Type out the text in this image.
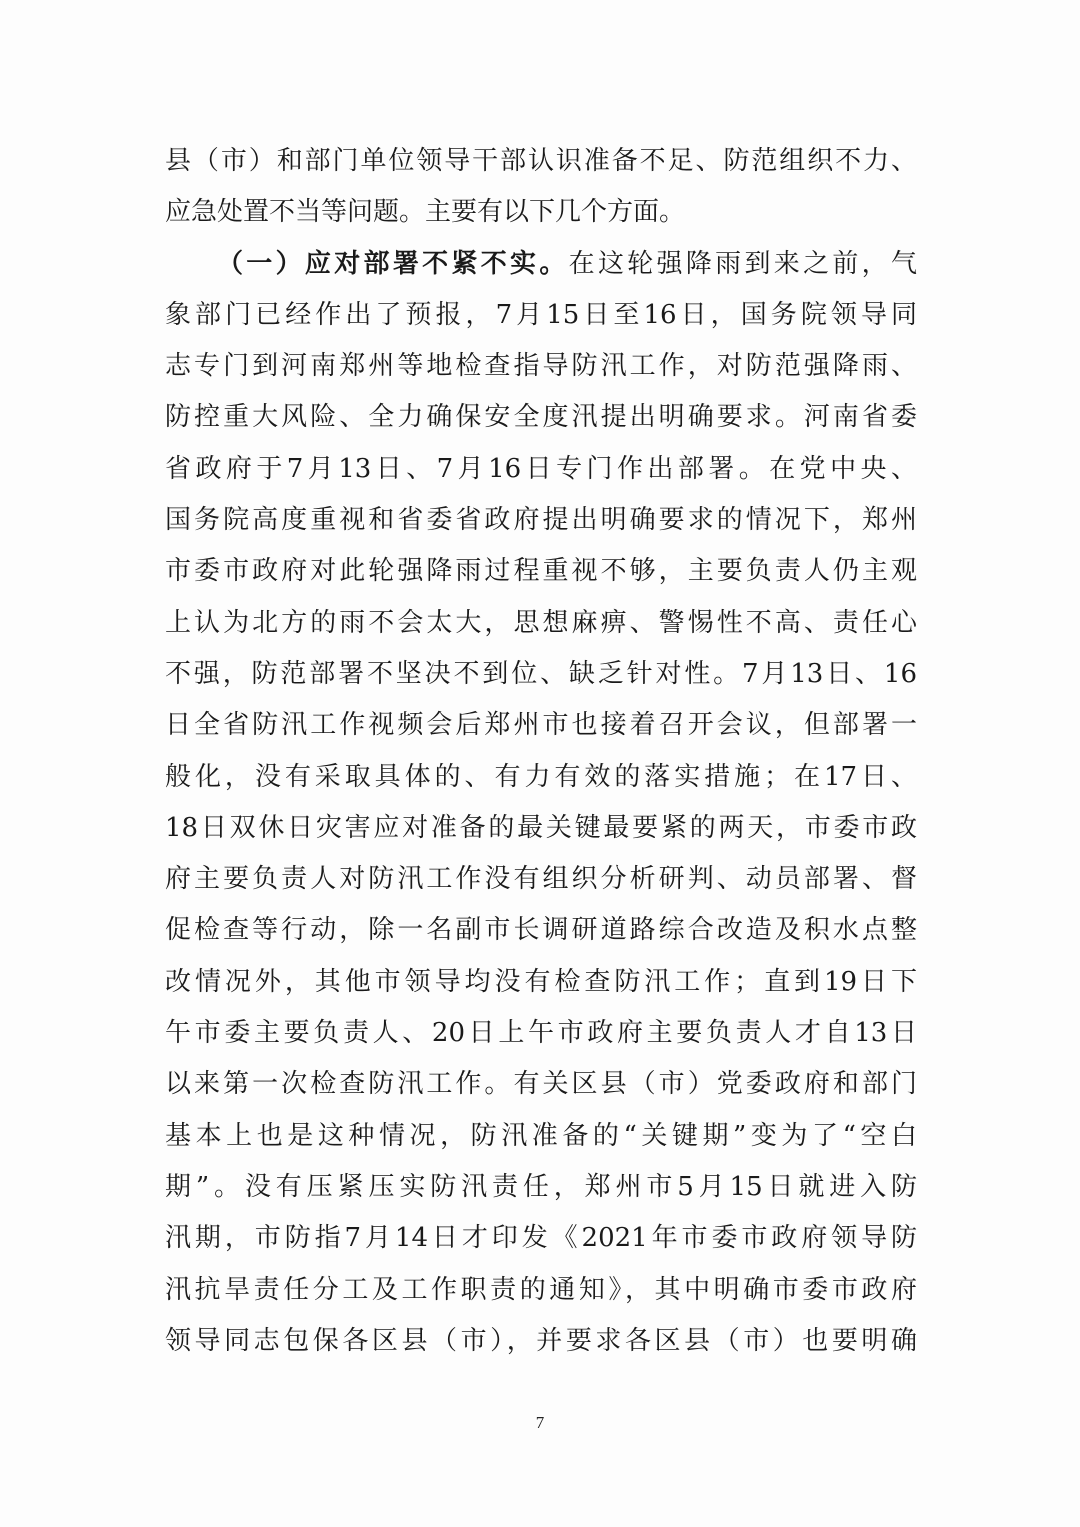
县（市）和部门单位领导干部认识准备不足、防范组织不力、
应急处置不当等问题。主要有以下几个方面。
（一）应对部署不紧不实。在这轮强降雨到来之前，气
象部门已经作出了预报，7月15日至16日，国务院领导同
志专门到河南郑州等地检查指导防汛工作，对防范强降雨、
防控重大风险、全力确保安全度汛提出明确要求。河南省委
省政府于7月13日、7月16日专门作出部署。在党中央、
国务院高度重视和省委省政府提出明确要求的情况下，郑州
市委市政府对此轮强降雨过程重视不够，主要负责人仍主观
上认为北方的雨不会太大，思想麻痹、警惕性不高、责任心
不强，防范部署不坚决不到位、缺乏针对性。7月13日、16
日全省防汛工作视频会后郑州市也接着召开会议，但部署一
般化，没有采取具体的、有力有效的落实措施；在17日、
18日双休日灾害应对准备的最关键最要紧的两天，市委市政
府主要负责人对防汛工作没有组织分析研判、动员部署、督
促检查等行动，除一名副市长调研道路综合改造及积水点整
改情况外，其他市领导均没有检查防汛工作；直到19日下
午市委主要负责人、20日上午市政府主要负责人才自13日
以来第一次检查防汛工作。有关区县（市）党委政府和部门
基本上也是这种情况，防汛准备的“关键期”变为了“空白
期”。没有压紧压实防汛责任，郑州市5月15日就进入防
汛期，市防指7月14日才印发《2021年市委市政府领导防
汛抗旱责任分工及工作职责的通知》，其中明确市委市政府
领导同志包保各区县（市），并要求各区县（市）也要明确
7
